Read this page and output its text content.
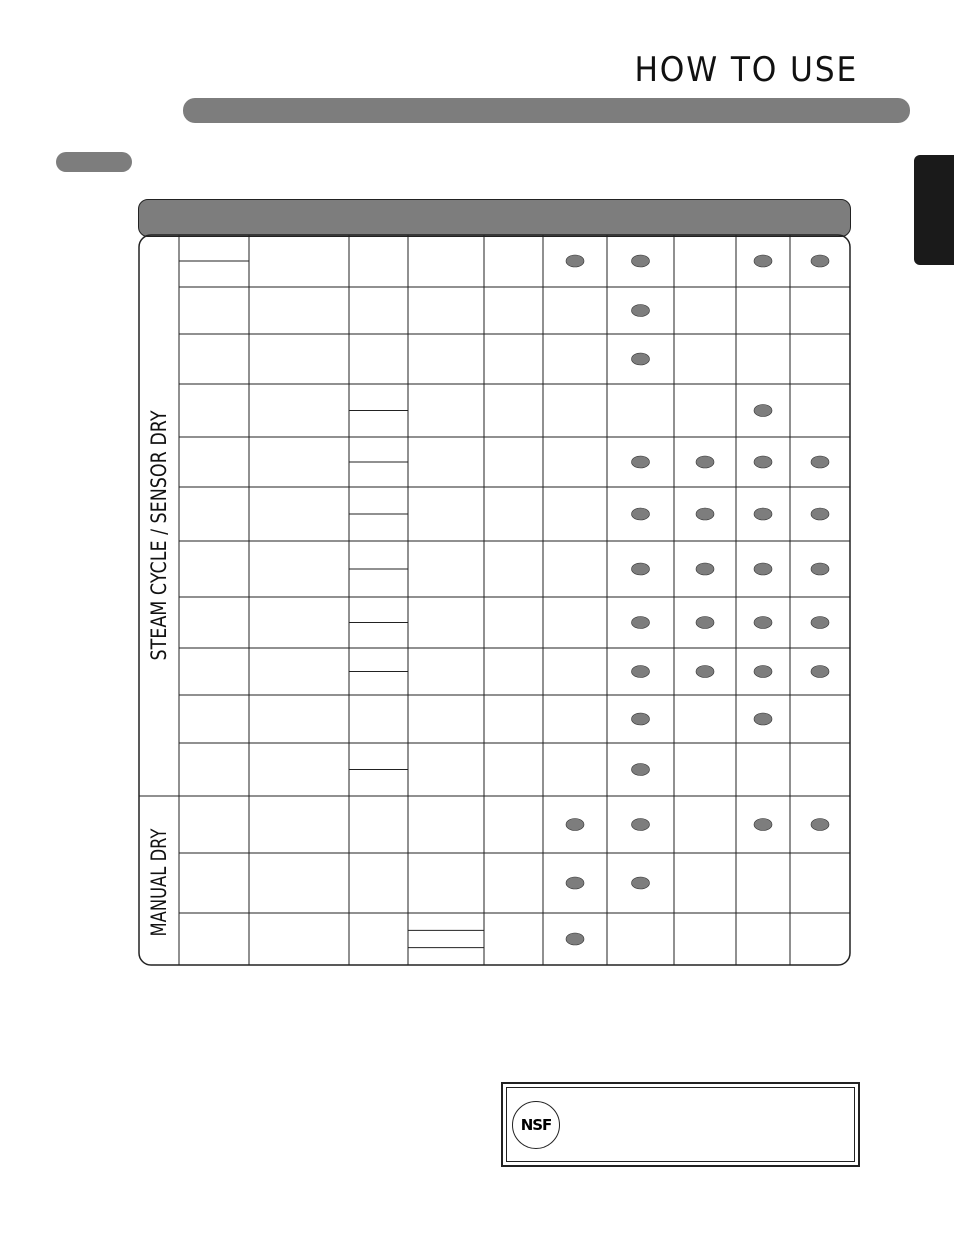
HOW TO USE
STEAM CYCLE / SENSOR DRY
MANUAL DRY
NSF
